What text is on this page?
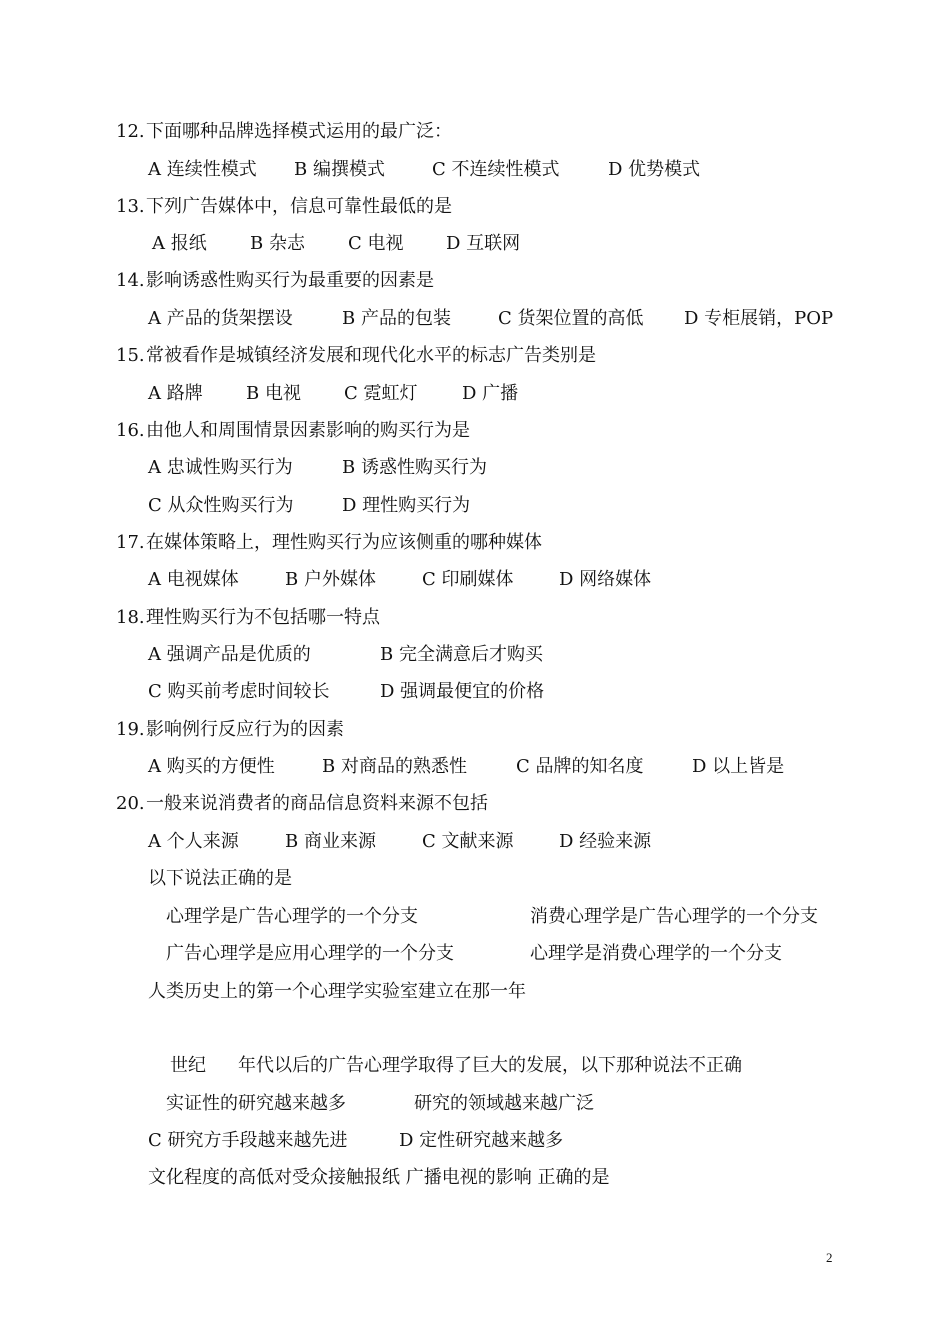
12.下面哪种品牌选择模式运用的最广泛：
A 连续性模式 B 编撰模式	C 不连续性模式	D 优势模式
13.下列广告媒体中，信息可靠性最低的是
A 报纸 B 杂志 C 电视 D 互联网
14.影响诱惑性购买行为最重要的因素是
A 产品的货架摆设	B 产品的包装	C 货架位置的高低 D 专柜展销，POP
15.常被看作是城镇经济发展和现代化水平的标志广告类别是
A 路牌 B 电视 C 霓虹灯 D 广播
16.由他人和周围情景因素影响的购买行为是
A 忠诚性购买行为	B 诱惑性购买行为
C 从众性购买行为	D 理性购买行为
17.在媒体策略上，理性购买行为应该侧重的哪种媒体
A 电视媒体	B 户外媒体	C 印刷媒体	D 网络媒体
18.理性购买行为不包括哪一特点
A 强调产品是优质的	B 完全满意后才购买
C 购买前考虑时间较长	D 强调最便宜的价格
19.影响例行反应行为的因素
A 购买的方便性	B 对商品的熟悉性	C 品牌的知名度	D 以上皆是
20.一般来说消费者的商品信息资料来源不包括
A 个人来源	B 商业来源	C 文献来源	D 经验来源
以下说法正确的是
心理学是广告心理学的一个分支	消费心理学是广告心理学的一个分支
广告心理学是应用心理学的一个分支	心理学是消费心理学的一个分支
人类历史上的第一个心理学实验室建立在那一年
世纪 年代以后的广告心理学取得了巨大的发展，以下那种说法不正确
实证性的研究越来越多	研究的领域越来越广泛
C 研究方手段越来越先进	D 定性研究越来越多
文化程度的高低对受众接触报纸 广播电视的影响 正确的是
2
